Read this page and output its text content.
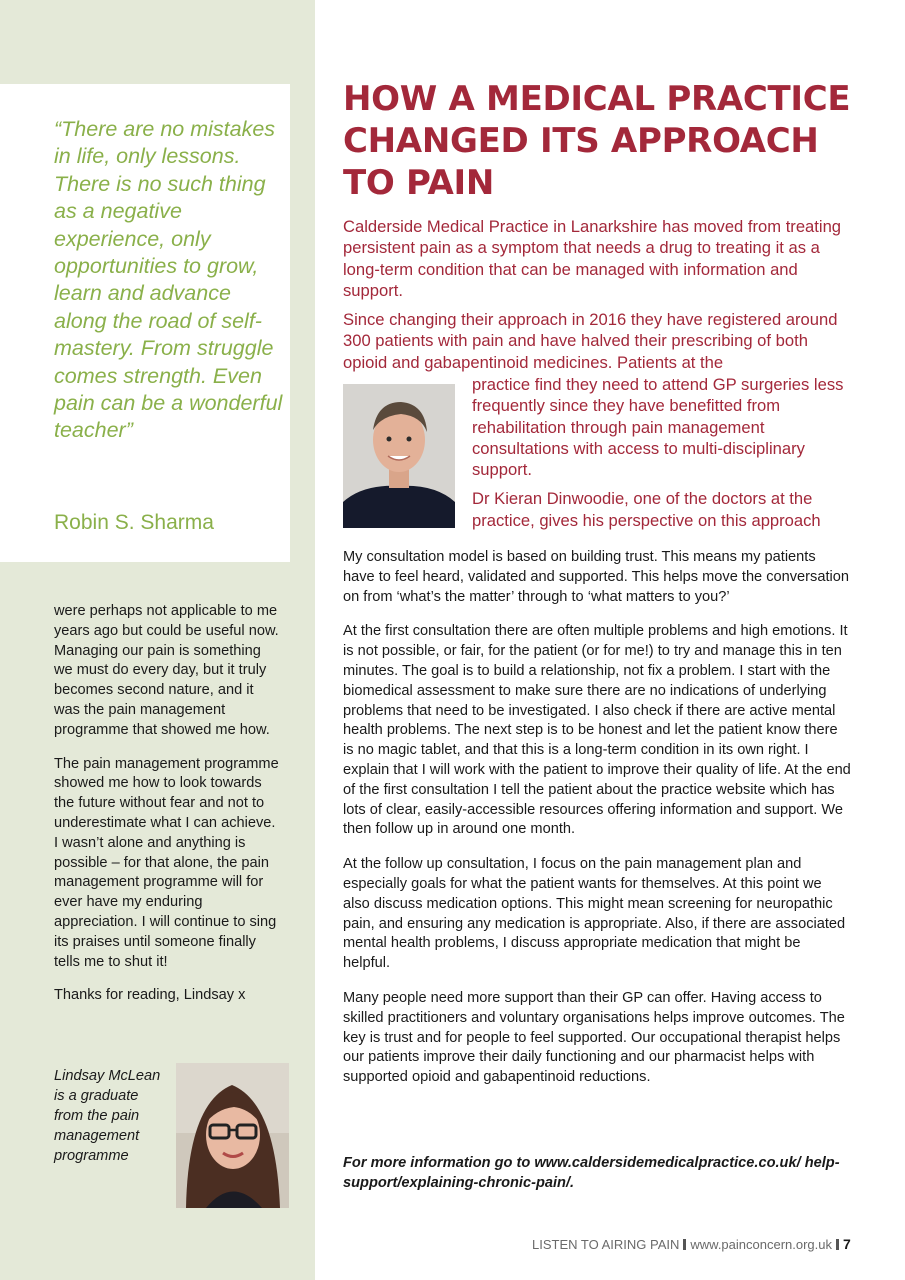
“There are no mistakes in life, only lessons. There is no such thing as a negative experience, only opportunities to grow, learn and advance along the road of self-mastery. From struggle comes strength. Even pain can be a wonderful teacher”

Robin S. Sharma

were perhaps not applicable to me years ago but could be useful now. Managing our pain is something we must do every day, but it truly becomes second nature, and it was the pain management programme that showed me how.

The pain management programme showed me how to look towards the future without fear and not to underestimate what I can achieve. I wasn’t alone and anything is possible – for that alone, the pain management programme will for ever have my enduring appreciation. I will continue to sing its praises until someone finally tells me to shut it!

Thanks for reading, Lindsay x

Lindsay McLean is a graduate from the pain management programme
HOW A MEDICAL PRACTICE CHANGED ITS APPROACH TO PAIN

Calderside Medical Practice in Lanarkshire has moved from treating persistent pain as a symptom that needs a drug to treating it as a long-term condition that can be managed with information and support.

Since changing their approach in 2016 they have registered around 300 patients with pain and have halved their prescribing of both opioid and gabapentinoid medicines. Patients at the

practice find they need to attend GP surgeries less frequently since they have benefitted from rehabilitation through pain management consultations with access to multi-disciplinary support.

Dr Kieran Dinwoodie, one of the doctors at the practice, gives his perspective on this approach

My consultation model is based on building trust. This means my patients have to feel heard, validated and supported. This helps move the conversation on from ‘what’s the matter’ through to ‘what matters to you?’

At the first consultation there are often multiple problems and high emotions. It is not possible, or fair, for the patient (or for me!) to try and manage this in ten minutes. The goal is to build a relationship, not fix a problem. I start with the biomedical assessment to make sure there are no indications of underlying problems that need to be investigated. I also check if there are active mental health problems. The next step is to be honest and let the patient know there is no magic tablet, and that this is a long-term condition in its own right. I explain that I will work with the patient to improve their quality of life. At the end of the first consultation I tell the patient about the practice website which has lots of clear, easily-accessible resources offering information and support. We then follow up in around one month.

At the follow up consultation, I focus on the pain management plan and especially goals for what the patient wants for themselves. At this point we also discuss medication options. This might mean screening for neuropathic pain, and ensuring any medication is appropriate. Also, if there are associated mental health problems, I discuss appropriate medication that might be helpful.

Many people need more support than their GP can offer. Having access to skilled practitioners and voluntary organisations helps improve outcomes. The key is trust and for people to feel supported. Our occupational therapist helps our patients improve their daily functioning and our pharmacist helps with supported opioid and gabapentinoid reductions.

For more information go to www.caldersidemedicalpractice.co.uk/ help-support/explaining-chronic-pain/.
LISTEN TO AIRING PAIN www.painconcern.org.uk 7
